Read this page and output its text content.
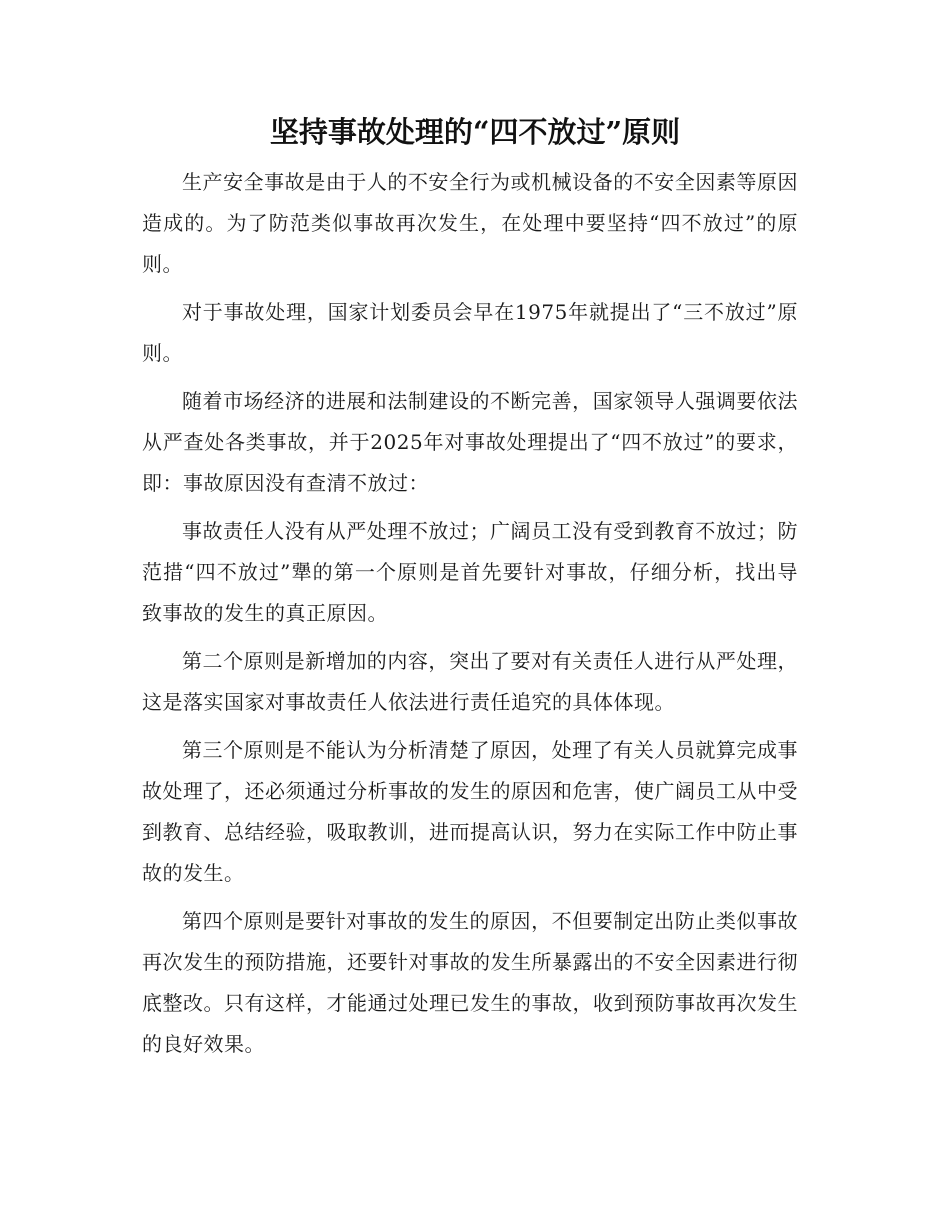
坚持事故处理的“四不放过”原则

生产安全事故是由于人的不安全行为或机械设备的不安全因素等原因造成的。为了防范类似事故再次发生，在处理中要坚持“四不放过”的原则。

对于事故处理，国家计划委员会早在1975年就提出了“三不放过”原则。

随着市场经济的进展和法制建设的不断完善，国家领导人强调要依法从严查处各类事故，并于2025年对事故处理提出了“四不放过”的要求，即：事故原因没有查清不放过：

事故责任人没有从严处理不放过；广阔员工没有受到教育不放过；防范措“四不放过”犟的第一个原则是首先要针对事故，仔细分析，找出导致事故的发生的真正原因。

第二个原则是新增加的内容，突出了要对有关责任人进行从严处理，这是落实国家对事故责任人依法进行责任追究的具体体现。

第三个原则是不能认为分析清楚了原因，处理了有关人员就算完成事故处理了，还必须通过分析事故的发生的原因和危害，使广阔员工从中受到教育、总结经验，吸取教训，进而提高认识，努力在实际工作中防止事故的发生。

第四个原则是要针对事故的发生的原因，不但要制定出防止类似事故再次发生的预防措施，还要针对事故的发生所暴露出的不安全因素进行彻底整改。只有这样，才能通过处理已发生的事故，收到预防事故再次发生的良好效果。
